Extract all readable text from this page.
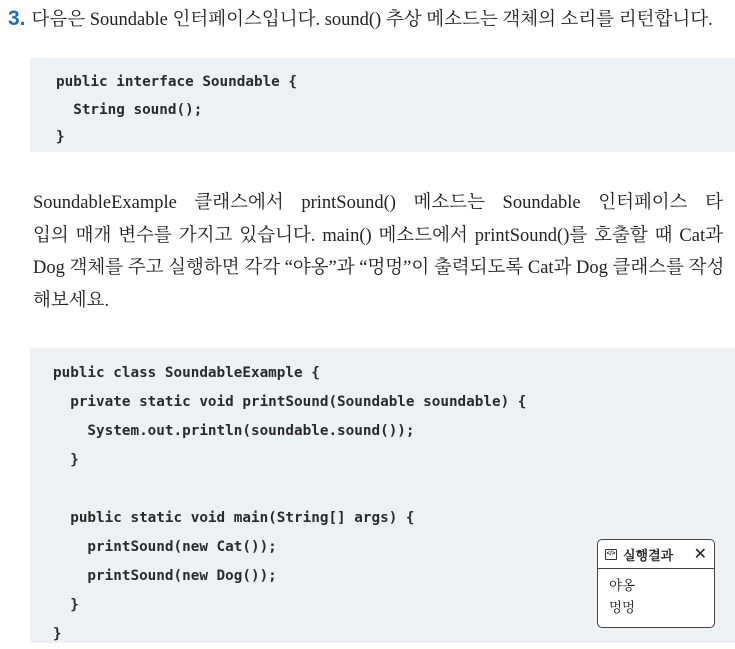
3. 다음은 Soundable 인터페이스입니다. sound() 추상 메소드는 객체의 소리를 리턴합니다.
public interface Soundable {
String sound();
}
SoundableExample 클래스에서 printSound() 메소드는 Soundable 인터페이스 타
입의 매개 변수를 가지고 있습니다. main() 메소드에서 printSound()를 호출할 때 Cat과
Dog 객체를 주고 실행하면 각각 “야옹”과 “멍멍”이 출력되도록 Cat과 Dog 클래스를 작성
해보세요.
public class SoundableExample {
private static void printSound(Soundable soundable) {
System.out.println(soundable.sound());
}
public static void main(String[] args) {
printSound(new Cat());
printSound(new Dog());
}
}
</> 실행결과 ✕
야옹
멍멍
